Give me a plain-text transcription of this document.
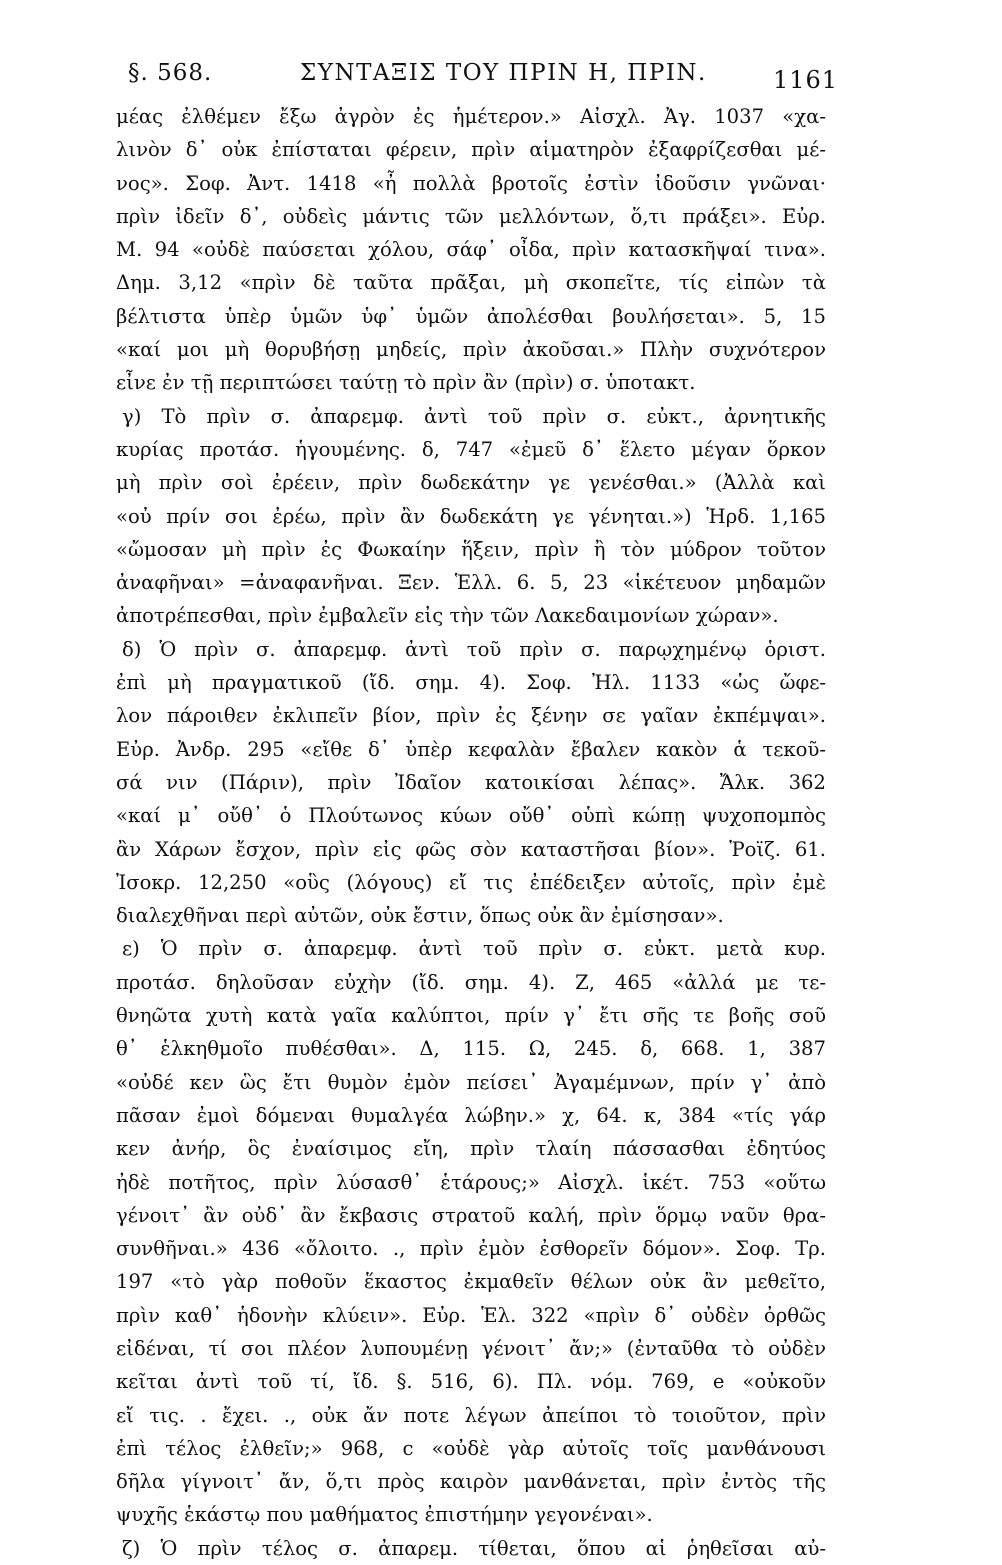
§. 568.	ΣΥΝΤΑΞΙΣ ΤΟΥ ΠΡΙΝ Η, ΠΡΙΝ.	1161
μέας ἐλθέμεν ἔξω ἀγρὸν ἐς ἡμέτερον.» Αἰσχλ. Ἀγ. 1037 «χα-
λινὸν δ᾽ οὐκ ἐπίσταται φέρειν, πρὶν αἱματηρὸν ἐξαφρίζεσθαι μέ-
νος». Σοφ. Ἀντ. 1418 «ἦ πολλὰ βροτοῖς ἐστὶν ἰδοῦσιν γνῶναι·
πρὶν ἰδεῖν δ᾽, οὐδεὶς μάντις τῶν μελλόντων, ὅ,τι πράξει». Εὐρ.
Μ. 94 «οὐδὲ παύσεται χόλου, σάφ᾽ οἶδα, πρὶν κατασκῆψαί τινα».
Δημ. 3,12 «πρὶν δὲ ταῦτα πρᾶξαι, μὴ σκοπεῖτε, τίς εἰπὼν τὰ
βέλτιστα ὑπὲρ ὑμῶν ὑφ᾽ ὑμῶν ἀπολέσθαι βουλήσεται». 5, 15
«καί μοι μὴ θορυβήσῃ μηδείς, πρὶν ἀκοῦσαι.» Πλὴν συχνότερον
εἶνε ἐν τῇ περιπτώσει ταύτῃ τὸ πρὶν ἂν (πρὶν) σ. ὑποτακτ.
γ) Τὸ πρὶν σ. ἀπαρεμφ. ἀντὶ τοῦ πρὶν σ. εὐκτ., ἀρνητικῆς
κυρίας προτάσ. ἡγουμένης. δ, 747 «ἐμεῦ δ᾽ ἕλετο μέγαν ὅρκον
μὴ πρὶν σοὶ ἐρέειν, πρὶν δωδεκάτην γε γενέσθαι.» (Ἀλλὰ καὶ
«οὐ πρίν σοι ἐρέω, πρὶν ἂν δωδεκάτη γε γένηται.») Ἡρδ. 1,165
«ὤμοσαν μὴ πρὶν ἐς Φωκαίην ἥξειν, πρὶν ἢ τὸν μύδρον τοῦτον
ἀναφῆναι» =ἀναφανῆναι. Ξεν. Ἑλλ. 6. 5, 23 «ἱκέτευον μηδαμῶν
ἀποτρέπεσθαι, πρὶν ἐμβαλεῖν εἰς τὴν τῶν Λακεδαιμονίων χώραν».
δ) Ὁ πρὶν σ. ἀπαρεμφ. ἀντὶ τοῦ πρὶν σ. παρῳχημένῳ ὁριστ.
ἐπὶ μὴ πραγματικοῦ (ἴδ. σημ. 4). Σοφ. Ἠλ. 1133 «ὡς ὤφε-
λον πάροιθεν ἐκλιπεῖν βίον, πρὶν ἐς ξένην σε γαῖαν ἐκπέμψαι».
Εὐρ. Ἀνδρ. 295 «εἴθε δ᾽ ὑπὲρ κεφαλὰν ἔβαλεν κακὸν ἁ τεκοῦ-
σά νιν (Πάριν), πρὶν Ἰδαῖον κατοικίσαι λέπας». Ἄλκ. 362
«καί μ᾽ οὔθ᾽ ὁ Πλούτωνος κύων οὔθ᾽ οὑπὶ κώπῃ ψυχοπομπὸς
ἂν Χάρων ἔσχον, πρὶν εἰς φῶς σὸν καταστῆσαι βίον». Ῥοϊζ. 61.
Ἰσοκρ. 12,250 «οὓς (λόγους) εἴ τις ἐπέδειξεν αὐτοῖς, πρὶν ἐμὲ
διαλεχθῆναι περὶ αὐτῶν, οὐκ ἔστιν, ὅπως οὐκ ἂν ἐμίσησαν».
ε) Ὁ πρὶν σ. ἀπαρεμφ. ἀντὶ τοῦ πρὶν σ. εὐκτ. μετὰ κυρ.
προτάσ. δηλοῦσαν εὐχὴν (ἴδ. σημ. 4). Ζ, 465 «ἀλλά με τε-
θνηῶτα χυτὴ κατὰ γαῖα καλύπτοι, πρίν γ᾽ ἔτι σῆς τε βοῆς σοῦ
θ᾽ ἑλκηθμοῖο πυθέσθαι». Δ, 115. Ω, 245. δ, 668. 1, 387
«οὐδέ κεν ὣς ἔτι θυμὸν ἐμὸν πείσει᾽ Ἀγαμέμνων, πρίν γ᾽ ἀπὸ
πᾶσαν ἐμοὶ δόμεναι θυμαλγέα λώβην.» χ, 64. κ, 384 «τίς γάρ
κεν ἀνήρ, ὃς ἐναίσιμος εἴη, πρὶν τλαίη πάσσασθαι ἐδητύος
ἠδὲ ποτῆτος, πρὶν λύσασθ᾽ ἑτάρους;» Αἰσχλ. ἱκέτ. 753 «οὕτω
γένοιτ᾽ ἂν οὐδ᾽ ἂν ἔκβασις στρατοῦ καλή, πρὶν ὅρμῳ ναῦν θρα-
συνθῆναι.» 436 «ὄλοιτο. ., πρὶν ἐμὸν ἐσθορεῖν δόμον». Σοφ. Τρ.
197 «τὸ γὰρ ποθοῦν ἕκαστος ἐκμαθεῖν θέλων οὐκ ἂν μεθεῖτο,
πρὶν καθ᾽ ἡδονὴν κλύειν». Εὐρ. Ἑλ. 322 «πρὶν δ᾽ οὐδὲν ὀρθῶς
εἰδέναι, τί σοι πλέον λυπουμένῃ γένοιτ᾽ ἄν;» (ἐνταῦθα τὸ οὐδὲν
κεῖται ἀντὶ τοῦ τί, ἴδ. §. 516, 6). Πλ. νόμ. 769, e «οὐκοῦν
εἴ τις. . ἔχει. ., οὐκ ἄν ποτε λέγων ἀπείποι τὸ τοιοῦτον, πρὶν
ἐπὶ τέλος ἐλθεῖν;» 968, c «οὐδὲ γὰρ αὐτοῖς τοῖς μανθάνουσι
δῆλα γίγνοιτ᾽ ἄν, ὅ,τι πρὸς καιρὸν μανθάνεται, πρὶν ἐντὸς τῆς
ψυχῆς ἑκάστῳ που μαθήματος ἐπιστήμην γεγονέναι».
ζ) Ὁ πρὶν τέλος σ. ἀπαρεμ. τίθεται, ὅπου αἱ ῥηθεῖσαι αὐ-
